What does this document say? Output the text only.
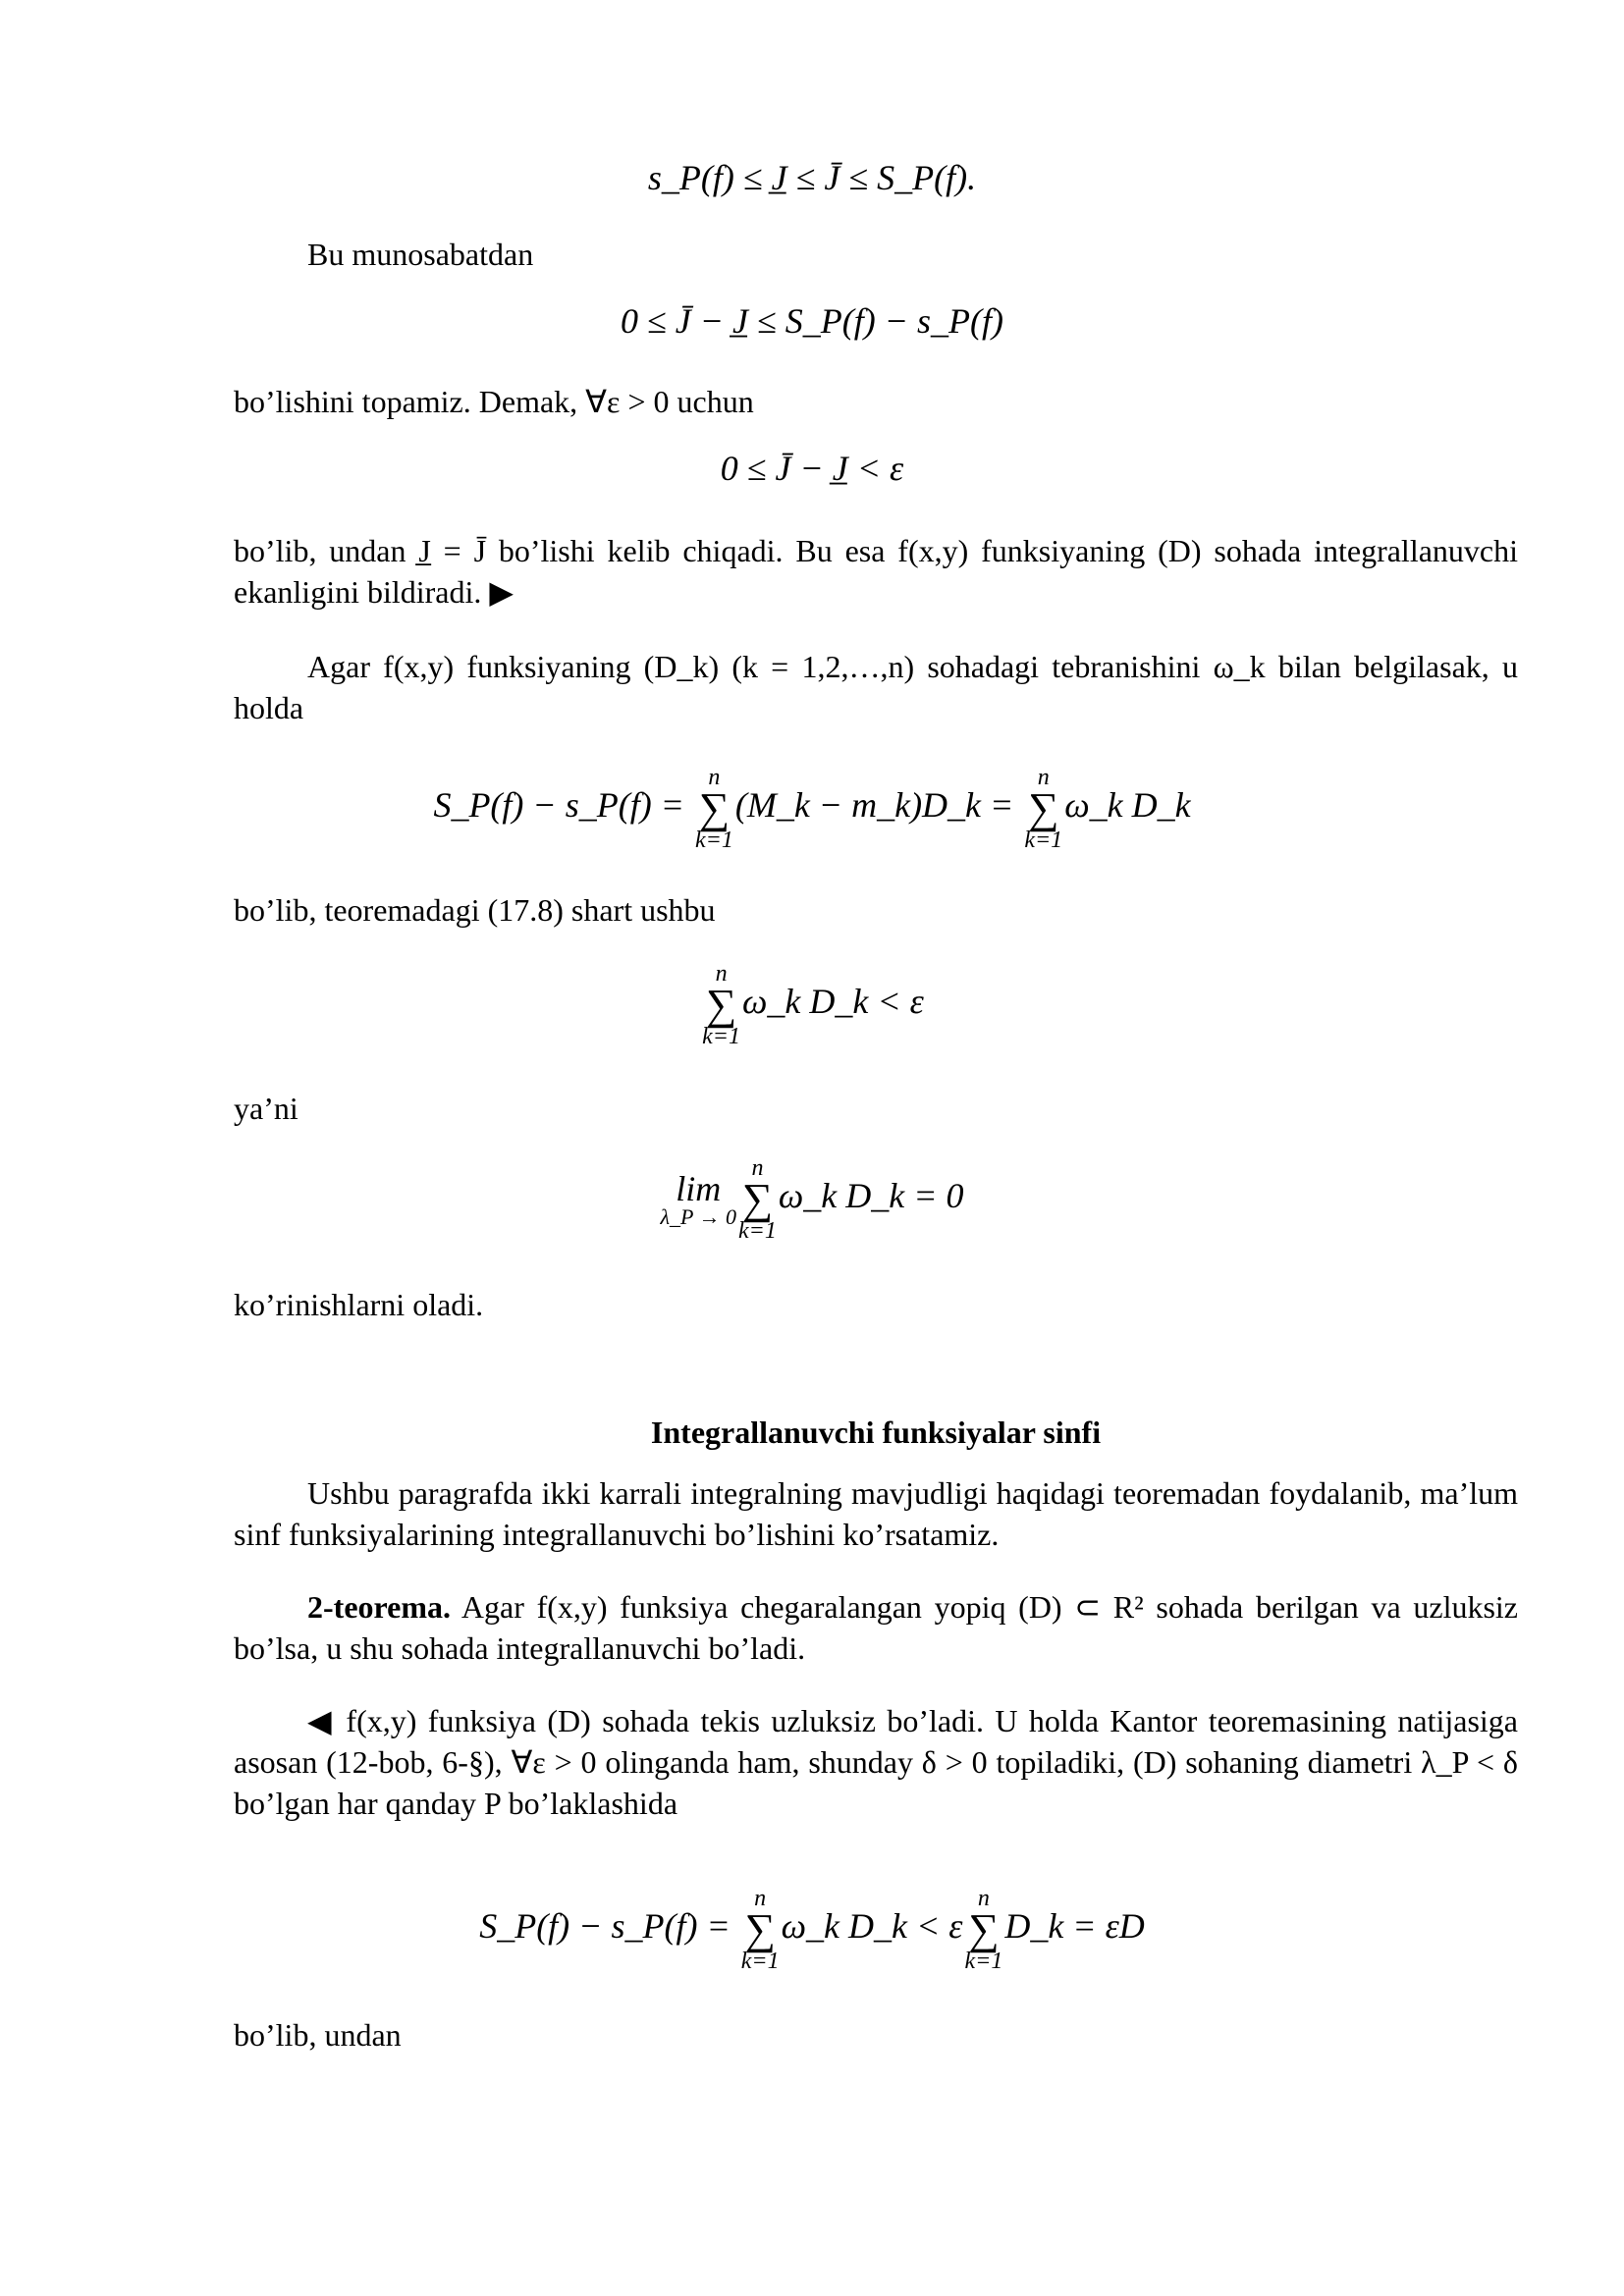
s_P(f) ≤ J̲ ≤ J̄ ≤ S_P(f).
Bu munosabatdan
0 ≤ J̄ − J̲ ≤ S_P(f) − s_P(f)
bo’lishini topamiz. Demak, ∀ε > 0 uchun
0 ≤ J̄ − J̲ < ε
bo’lib, undan J̲ = J̄ bo’lishi kelib chiqadi. Bu esa f(x,y) funksiyaning (D) sohada integrallanuvchi ekanligini bildiradi. ▶
Agar f(x,y) funksiyaning (D_k) (k = 1,2,…,n) sohadagi tebranishini ω_k bilan belgilasak, u holda
S_P(f) − s_P(f) =
n
∑
k=1
(M_k − m_k)D_k =
n
∑
k=1
ω_k D_k
bo’lib, teoremadagi (17.8) shart ushbu
n
∑
k=1
ω_k D_k < ε
ya’ni
lim
λ_P → 0
n
∑
k=1
ω_k D_k = 0
ko’rinishlarni oladi.
Integrallanuvchi funksiyalar sinfi
Ushbu paragrafda ikki karrali integralning mavjudligi haqidagi teoremadan foydalanib, ma’lum sinf funksiyalarining integrallanuvchi bo’lishini ko’rsatamiz.
2-teorema. Agar f(x,y) funksiya chegaralangan yopiq (D) ⊂ R² sohada berilgan va uzluksiz bo’lsa, u shu sohada integrallanuvchi bo’ladi.
◀ f(x,y) funksiya (D) sohada tekis uzluksiz bo’ladi. U holda Kantor teoremasining natijasiga asosan (12-bob, 6-§), ∀ε > 0 olinganda ham, shunday δ > 0 topiladiki, (D) sohaning diametri λ_P < δ bo’lgan har qanday P bo’laklashida
S_P(f) − s_P(f) =
n
∑
k=1
ω_k D_k < ε
n
∑
k=1
D_k = εD
bo’lib, undan
